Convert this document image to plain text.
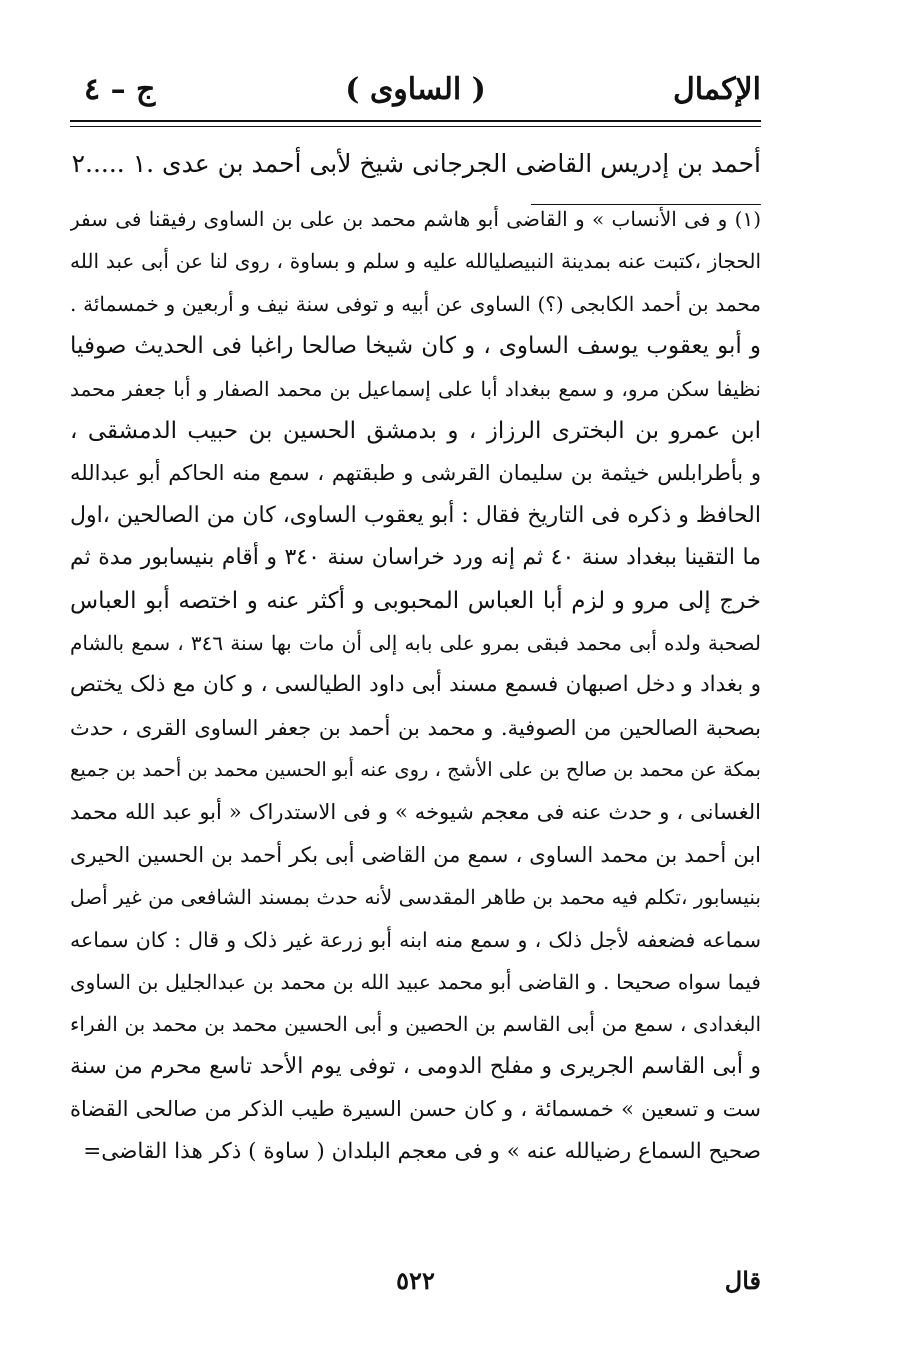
الإكمال
( الساوی )
ج – ٤
أحمد بن إدریس القاضی الجرجانی شیخ لأبی أحمد بن عدی .١ .....٢
(١) و فی الأنساب » و القاضی أبو هاشم محمد بن علی بن الساوی رفیقنا فی سفر
الحجاز ،کتبت عنه بمدینة النبیصلیالله علیه و سلم و بساوة ، روی لنا عن أبی عبد الله
محمد بن أحمد الکابجی (؟) الساوی عن أبیه و توفی سنة نیف و أربعین و خمسمائة .
و أبو یعقوب یوسف الساوی ، و کان شیخا صالحا راغبا فی الحدیث صوفیا
نظیفا سکن مرو، و سمع ببغداد أبا علی إسماعیل بن محمد الصفار و أبا جعفر محمد
ابن عمرو بن البختری الرزاز ، و بدمشق الحسین بن حبیب الدمشقی ،
و بأطرابلس خیثمة بن سلیمان القرشی و طبقتهم ، سمع منه الحاکم أبو عبدالله
الحافظ و ذکره فی التاریخ فقال : أبو یعقوب الساوی، کان من الصالحین ،اول
ما التقینا ببغداد سنة ٤٠ ثم إنه ورد خراسان سنة ٣٤٠ و أقام بنیسابور مدة ثم
خرج إلی مرو و لزم أبا العباس المحبوبی و أکثر عنه و اختصه أبو العباس
لصحبة ولده أبی محمد فبقی بمرو علی بابه إلی أن مات بها سنة ٣٤٦ ، سمع بالشام
و بغداد و دخل اصبهان فسمع مسند أبی داود الطیالسی ، و کان مع ذلک یختص
بصحبة الصالحین من الصوفیة. و محمد بن أحمد بن جعفر الساوی القری ، حدث
بمکة عن محمد بن صالح بن علی الأشج ، روی عنه أبو الحسین محمد بن أحمد بن جمیع
الغسانی ، و حدث عنه فی معجم شیوخه » و فی الاستدراک « أبو عبد الله محمد
ابن أحمد بن محمد الساوی ، سمع من القاضی أبی بکر أحمد بن الحسین الحیری
بنیسابور ،تکلم فیه محمد بن طاهر المقدسی لأنه حدث بمسند الشافعی من غیر أصل
سماعه فضعفه لأجل ذلک ، و سمع منه ابنه أبو زرعة غیر ذلک و قال : کان سماعه
فیما سواه صحیحا . و القاضی أبو محمد عبید الله بن محمد بن عبدالجلیل بن الساوی
البغدادی ، سمع من أبی القاسم بن الحصین و أبی الحسین محمد بن محمد بن الفراء
و أبی القاسم الجریری و مفلح الدومی ، توفی یوم الأحد تاسع محرم من سنة
ست و تسعین » خمسمائة ، و کان حسن السیرة طیب الذکر من صالحی القضاة
صحیح السماع رضیالله عنه » و فی معجم البلدان ( ساوة ) ذکر هذا القاضی=
قال
٥٢٢
